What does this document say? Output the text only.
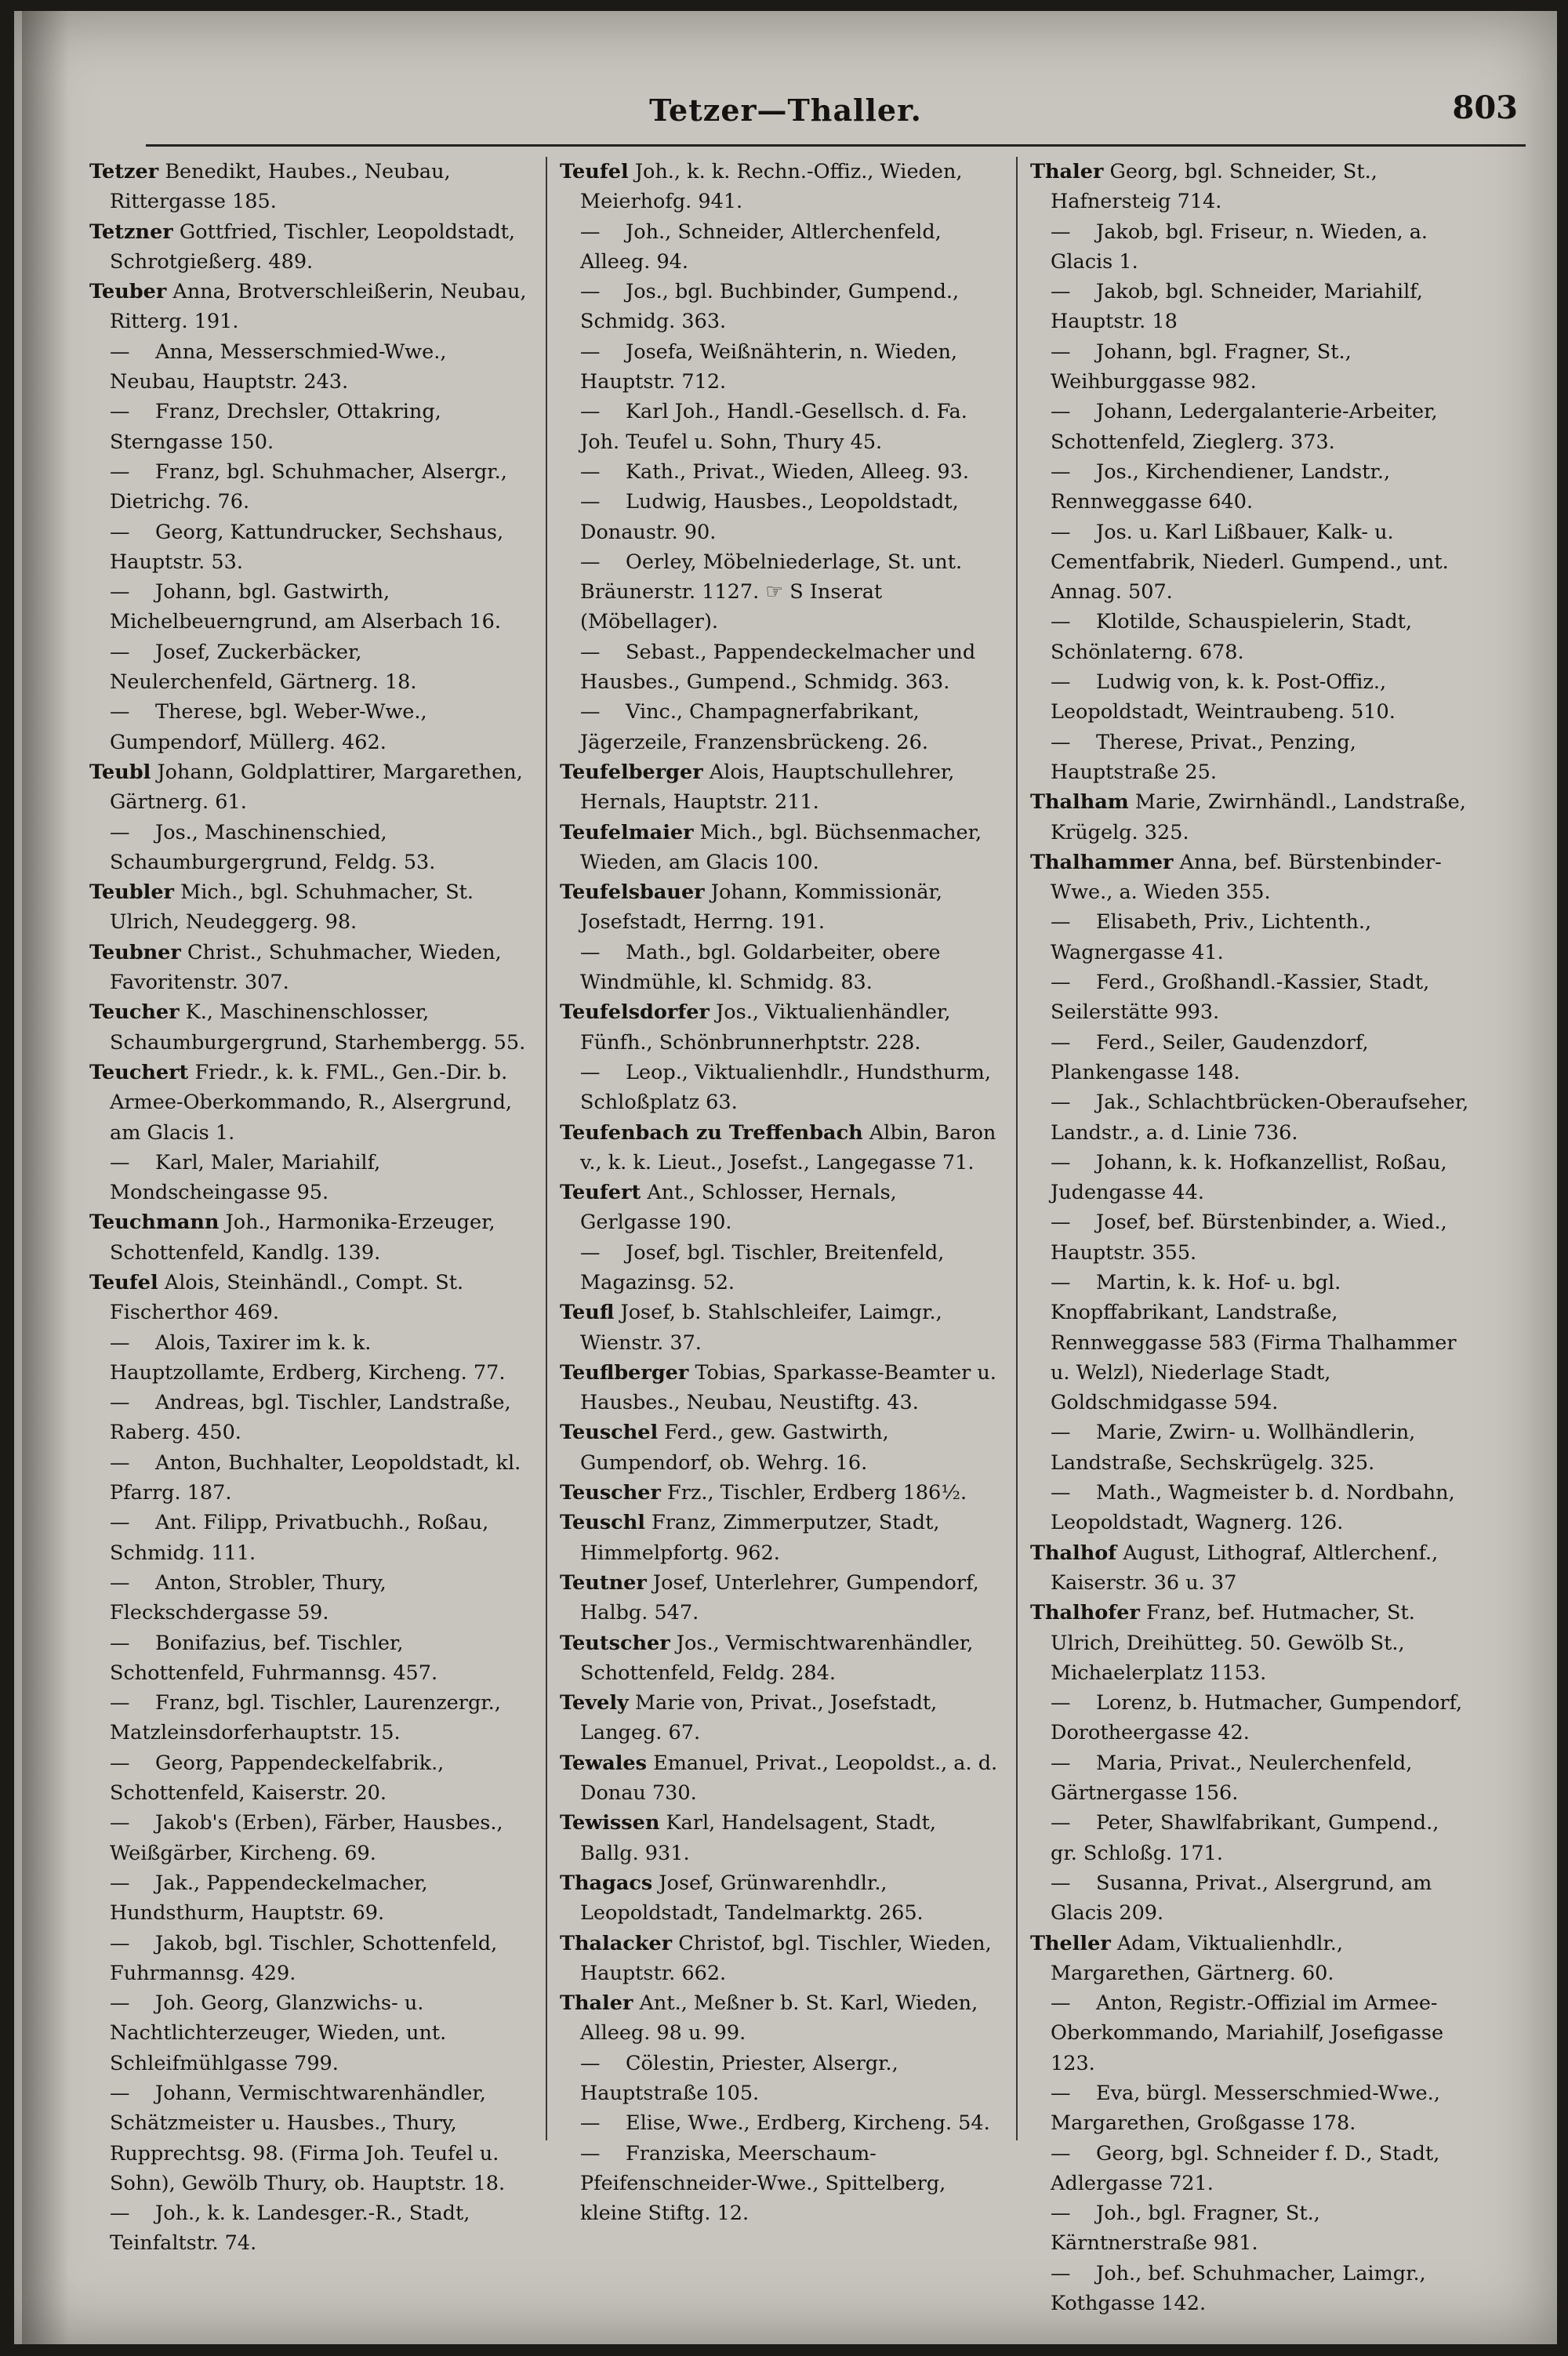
Tetzer—Thaller.	803
Tetzer Benedikt, Haubes., Neubau, Rittergasse 185.
Tetzner Gottfried, Tischler, Leopoldstadt, Schrotgießerg. 489.
Teuber Anna, Brotverschleißerin, Neubau, Ritterg. 191.
— Anna, Messerschmied-Wwe., Neubau, Hauptstr. 243.
— Franz, Drechsler, Ottakring, Sterngasse 150.
— Franz, bgl. Schuhmacher, Alsergr., Dietrichg. 76.
— Georg, Kattundrucker, Sechshaus, Hauptstr. 53.
— Johann, bgl. Gastwirth, Michelbeuerngrund, am Alserbach 16.
— Josef, Zuckerbäcker, Neulerchenfeld, Gärtnerg. 18.
— Therese, bgl. Weber-Wwe., Gumpendorf, Müllerg. 462.
Teubl Johann, Goldplattirer, Margarethen, Gärtnerg. 61.
— Jos., Maschinenschied, Schaumburgergrund, Feldg. 53.
Teubler Mich., bgl. Schuhmacher, St. Ulrich, Neudeggerg. 98.
Teubner Christ., Schuhmacher, Wieden, Favoritenstr. 307.
Teucher K., Maschinenschlosser, Schaumburgergrund, Starhembergg. 55.
Teuchert Friedr., k. k. FML., Gen.-Dir. b. Armee-Oberkommando, R., Alsergrund, am Glacis 1.
— Karl, Maler, Mariahilf, Mondscheingasse 95.
Teuchmann Joh., Harmonika-Erzeuger, Schottenfeld, Kandlg. 139.
Teufel Alois, Steinhändl., Compt. St. Fischerthor 469.
— Alois, Taxirer im k. k. Hauptzollamte, Erdberg, Kircheng. 77.
— Andreas, bgl. Tischler, Landstraße, Raberg. 450.
— Anton, Buchhalter, Leopoldstadt, kl. Pfarrg. 187.
— Ant. Filipp, Privatbuchh., Roßau, Schmidg. 111.
— Anton, Strobler, Thury, Fleckschdergasse 59.
— Bonifazius, bef. Tischler, Schottenfeld, Fuhrmannsg. 457.
— Franz, bgl. Tischler, Laurenzergr., Matzleinsdorferhauptstr. 15.
— Georg, Pappendeckelfabrik., Schottenfeld, Kaiserstr. 20.
— Jakob's (Erben), Färber, Hausbes., Weißgärber, Kircheng. 69.
— Jak., Pappendeckelmacher, Hundsthurm, Hauptstr. 69.
— Jakob, bgl. Tischler, Schottenfeld, Fuhrmannsg. 429.
— Joh. Georg, Glanzwichs- u. Nachtlichterzeuger, Wieden, unt. Schleifmühlgasse 799.
— Johann, Vermischtwarenhändler, Schätzmeister u. Hausbes., Thury, Rupprechtsg. 98. (Firma Joh. Teufel u. Sohn), Gewölb Thury, ob. Hauptstr. 18.
— Joh., k. k. Landesger.-R., Stadt, Teinfaltstr. 74.
Teufel Joh., k. k. Rechn.-Offiz., Wieden, Meierhofg. 941.
— Joh., Schneider, Altlerchenfeld, Alleeg. 94.
— Jos., bgl. Buchbinder, Gumpend., Schmidg. 363.
— Josefa, Weißnähterin, n. Wieden, Hauptstr. 712.
— Karl Joh., Handl.-Gesellsch. d. Fa. Joh. Teufel u. Sohn, Thury 45.
— Kath., Privat., Wieden, Alleeg. 93.
— Ludwig, Hausbes., Leopoldstadt, Donaustr. 90.
— Oerley, Möbelniederlage, St. unt. Bräunerstr. 1127. ☞ S Inserat (Möbellager).
— Sebast., Pappendeckelmacher und Hausbes., Gumpend., Schmidg. 363.
— Vinc., Champagnerfabrikant, Jägerzeile, Franzensbrückeng. 26.
Teufelberger Alois, Hauptschullehrer, Hernals, Hauptstr. 211.
Teufelmaier Mich., bgl. Büchsenmacher, Wieden, am Glacis 100.
Teufelsbauer Johann, Kommissionär, Josefstadt, Herrng. 191.
— Math., bgl. Goldarbeiter, obere Windmühle, kl. Schmidg. 83.
Teufelsdorfer Jos., Viktualienhändler, Fünfh., Schönbrunnerhptstr. 228.
— Leop., Viktualienhdlr., Hundsthurm, Schloßplatz 63.
Teufenbach zu Treffenbach Albin, Baron v., k. k. Lieut., Josefst., Langegasse 71.
Teufert Ant., Schlosser, Hernals, Gerlgasse 190.
— Josef, bgl. Tischler, Breitenfeld, Magazinsg. 52.
Teufl Josef, b. Stahlschleifer, Laimgr., Wienstr. 37.
Teuflberger Tobias, Sparkasse-Beamter u. Hausbes., Neubau, Neustiftg. 43.
Teuschel Ferd., gew. Gastwirth, Gumpendorf, ob. Wehrg. 16.
Teuscher Frz., Tischler, Erdberg 186½.
Teuschl Franz, Zimmerputzer, Stadt, Himmelpfortg. 962.
Teutner Josef, Unterlehrer, Gumpendorf, Halbg. 547.
Teutscher Jos., Vermischtwarenhändler, Schottenfeld, Feldg. 284.
Tevely Marie von, Privat., Josefstadt, Langeg. 67.
Tewales Emanuel, Privat., Leopoldst., a. d. Donau 730.
Tewissen Karl, Handelsagent, Stadt, Ballg. 931.
Thagacs Josef, Grünwarenhdlr., Leopoldstadt, Tandelmarktg. 265.
Thalacker Christof, bgl. Tischler, Wieden, Hauptstr. 662.
Thaler Ant., Meßner b. St. Karl, Wieden, Alleeg. 98 u. 99.
— Cölestin, Priester, Alsergr., Hauptstraße 105.
— Elise, Wwe., Erdberg, Kircheng. 54.
— Franziska, Meerschaum-Pfeifenschneider-Wwe., Spittelberg, kleine Stiftg. 12.
Thaler Georg, bgl. Schneider, St., Hafnersteig 714.
— Jakob, bgl. Friseur, n. Wieden, a. Glacis 1.
— Jakob, bgl. Schneider, Mariahilf, Hauptstr. 18
— Johann, bgl. Fragner, St., Weihburggasse 982.
— Johann, Ledergalanterie-Arbeiter, Schottenfeld, Zieglerg. 373.
— Jos., Kirchendiener, Landstr., Rennweggasse 640.
— Jos. u. Karl Lißbauer, Kalk- u. Cementfabrik, Niederl. Gumpend., unt. Annag. 507.
— Klotilde, Schauspielerin, Stadt, Schönlaterng. 678.
— Ludwig von, k. k. Post-Offiz., Leopoldstadt, Weintraubeng. 510.
— Therese, Privat., Penzing, Hauptstraße 25.
Thalham Marie, Zwirnhändl., Landstraße, Krügelg. 325.
Thalhammer Anna, bef. Bürstenbinder-Wwe., a. Wieden 355.
— Elisabeth, Priv., Lichtenth., Wagnergasse 41.
— Ferd., Großhandl.-Kassier, Stadt, Seilerstätte 993.
— Ferd., Seiler, Gaudenzdorf, Plankengasse 148.
— Jak., Schlachtbrücken-Oberaufseher, Landstr., a. d. Linie 736.
— Johann, k. k. Hofkanzellist, Roßau, Judengasse 44.
— Josef, bef. Bürstenbinder, a. Wied., Hauptstr. 355.
— Martin, k. k. Hof- u. bgl. Knopffabrikant, Landstraße, Rennweggasse 583 (Firma Thalhammer u. Welzl), Niederlage Stadt, Goldschmidgasse 594.
— Marie, Zwirn- u. Wollhändlerin, Landstraße, Sechskrügelg. 325.
— Math., Wagmeister b. d. Nordbahn, Leopoldstadt, Wagnerg. 126.
Thalhof August, Lithograf, Altlerchenf., Kaiserstr. 36 u. 37
Thalhofer Franz, bef. Hutmacher, St. Ulrich, Dreihütteg. 50. Gewölb St., Michaelerplatz 1153.
— Lorenz, b. Hutmacher, Gumpendorf, Dorotheergasse 42.
— Maria, Privat., Neulerchenfeld, Gärtnergasse 156.
— Peter, Shawlfabrikant, Gumpend., gr. Schloßg. 171.
— Susanna, Privat., Alsergrund, am Glacis 209.
Theller Adam, Viktualienhdlr., Margarethen, Gärtnerg. 60.
— Anton, Registr.-Offizial im Armee-Oberkommando, Mariahilf, Josefigasse 123.
— Eva, bürgl. Messerschmied-Wwe., Margarethen, Großgasse 178.
— Georg, bgl. Schneider f. D., Stadt, Adlergasse 721.
— Joh., bgl. Fragner, St., Kärntnerstraße 981.
— Joh., bef. Schuhmacher, Laimgr., Kothgasse 142.
